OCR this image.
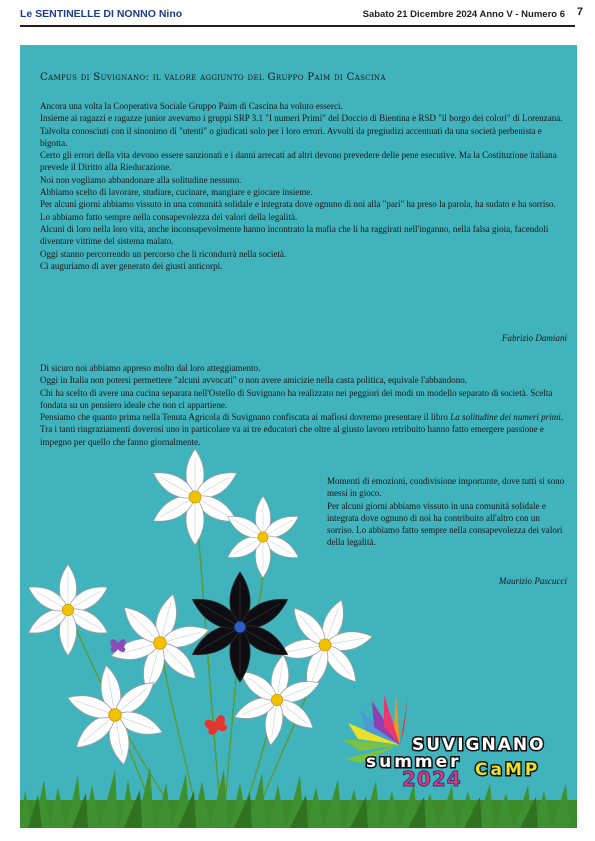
Le SENTINELLE DI NONNO Nino	Sabato 21 Dicembre 2024 Anno V - Numero 6 7
SUVIGNANO
summer
2024 CaMP
Campus di Suvignano: il valore aggiunto del Gruppo Paim di Cascina

Ancora una volta la Cooperativa Sociale Gruppo Paim di Cascina ha voluto esserci.

Insieme ai ragazzi e ragazze junior avevamo i gruppi SRP 3.1 "I numeri Primi" del Doccio di Bientina e RSD "il borgo dei colori" di Lorenzana.

Talvolta conosciuti con il sinonimo di "utenti" o giudicati solo per i loro errori. Avvolti da pregiudizi accentuati da una società perbenista e bigotta.

Certo gli errori della vita devono essere sanzionati e i danni arrecati ad altri devono prevedere delle pene esecutive. Ma la Costituzione italiana prevede il Diritto alla Rieducazione.

Noi non vogliamo abbandonare alla solitudine nessuno.

Abbiamo scelto di lavorare, studiare, cucinare, mangiare e giocare insieme.

Per alcuni giorni abbiamo vissuto in una comunità solidale e integrata dove ognuno di noi alla "pari" ha preso la parola, ha sudato e ha sorriso.

Lo abbiamo fatto sempre nella consapevolezza dei valori della legalità.

Alcuni di loro nella loro vita, anche inconsapevolmente hanno incontrato la mafia che li ha raggirati nell'inganno, nella falsa gioia, facendoli diventare vittime del sistema malato.

Oggi stanno percorrendo un percorso che li ricondurrà nella società.

Ci auguriamo di aver generato dei giusti anticorpi.

Fabrizio Damiani

Di sicuro noi abbiamo appreso molto dal loro atteggiamento.

Oggi in Italia non potersi permettere "alcuni avvocati" o non avere amicizie nella casta politica, equivale l'abbandono.

Chi ha scelto di avere una cucina separata nell'Ostello di Suvignano ha realizzato nei peggiori dei modi un modello separato di società. Scelta fondata su un pensiero ideale che non ci appartiene.

Pensiamo che quanto prima nella Tenuta Agricola di Suvignano confiscata ai mafiosi dovremo presentare il libro La solitudine dei numeri primi.

Tra i tanti ringraziamenti doverosi uno in particolare va ai tre educatori che oltre al giusto lavoro retribuito hanno fatto emergere passione e impegno per quello che fanno giornalmente.

Momenti di emozioni, condivisione importante, dove tutti si sono messi in gioco.

Per alcuni giorni abbiamo vissuto in una comunità solidale e integrata dove ognuno di noi ha contribuito all'altro con un sorriso. Lo abbiamo fatto sempre nella consapevolezza dei valori della legalità.

Maurizio Pascucci
